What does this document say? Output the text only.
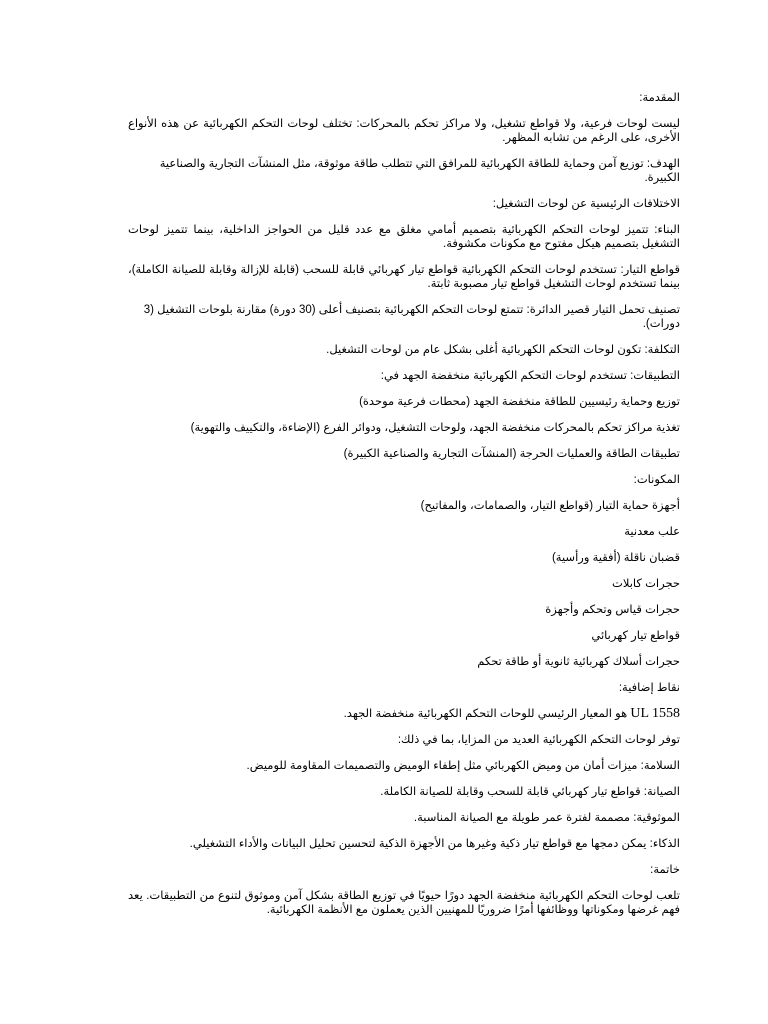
المقدمة:

ليست لوحات فرعية، ولا قواطع تشغيل، ولا مراكز تحكم بالمحركات: تختلف لوحات التحكم الكهربائية عن هذه الأنواع الأخرى، على الرغم من تشابه المظهر.

الهدف: توزيع آمن وحماية للطاقة الكهربائية للمرافق التي تتطلب طاقة موثوقة، مثل المنشآت التجارية والصناعية الكبيرة.

الاختلافات الرئيسية عن لوحات التشغيل:

البناء: تتميز لوحات التحكم الكهربائية بتصميم أمامي مغلق مع عدد قليل من الحواجز الداخلية، بينما تتميز لوحات التشغيل بتصميم هيكل مفتوح مع مكونات مكشوفة.

قواطع التيار: تستخدم لوحات التحكم الكهربائية قواطع تيار كهربائي قابلة للسحب (قابلة للإزالة وقابلة للصيانة الكاملة)، بينما تستخدم لوحات التشغيل قواطع تيار مصبوبة ثابتة.

تصنيف تحمل التيار قصير الدائرة: تتمتع لوحات التحكم الكهربائية بتصنيف أعلى (30 دورة) مقارنة بلوحات التشغيل (3 دورات).

التكلفة: تكون لوحات التحكم الكهربائية أغلى بشكل عام من لوحات التشغيل.

التطبيقات: تستخدم لوحات التحكم الكهربائية منخفضة الجهد في:

توزيع وحماية رئيسيين للطاقة منخفضة الجهد (محطات فرعية موحدة)

تغذية مراكز تحكم بالمحركات منخفضة الجهد، ولوحات التشغيل، ودوائر الفرع (الإضاءة، والتكييف والتهوية)

تطبيقات الطاقة والعمليات الحرجة (المنشآت التجارية والصناعية الكبيرة)

المكونات:

أجهزة حماية التيار (قواطع التيار، والصمامات، والمفاتيح)

علب معدنية

قضبان ناقلة (أفقية ورأسية)

حجرات كابلات

حجرات قياس وتحكم وأجهزة

قواطع تيار كهربائي

حجرات أسلاك كهربائية ثانوية أو طاقة تحكم

نقاط إضافية:

UL 1558 هو المعيار الرئيسي للوحات التحكم الكهربائية منخفضة الجهد.

توفر لوحات التحكم الكهربائية العديد من المزايا، بما في ذلك:

السلامة: ميزات أمان من وميض الكهربائي مثل إطفاء الوميض والتصميمات المقاومة للوميض.

الصيانة: قواطع تيار كهربائي قابلة للسحب وقابلة للصيانة الكاملة.

الموثوقية: مصممة لفترة عمر طويلة مع الصيانة المناسبة.

الذكاء: يمكن دمجها مع قواطع تيار ذكية وغيرها من الأجهزة الذكية لتحسين تحليل البيانات والأداء التشغيلي.

خاتمة:

تلعب لوحات التحكم الكهربائية منخفضة الجهد دورًا حيويًا في توزيع الطاقة بشكل آمن وموثوق لتنوع من التطبيقات. يعد فهم غرضها ومكوناتها ووظائفها أمرًا ضروريًا للمهنيين الذين يعملون مع الأنظمة الكهربائية.
